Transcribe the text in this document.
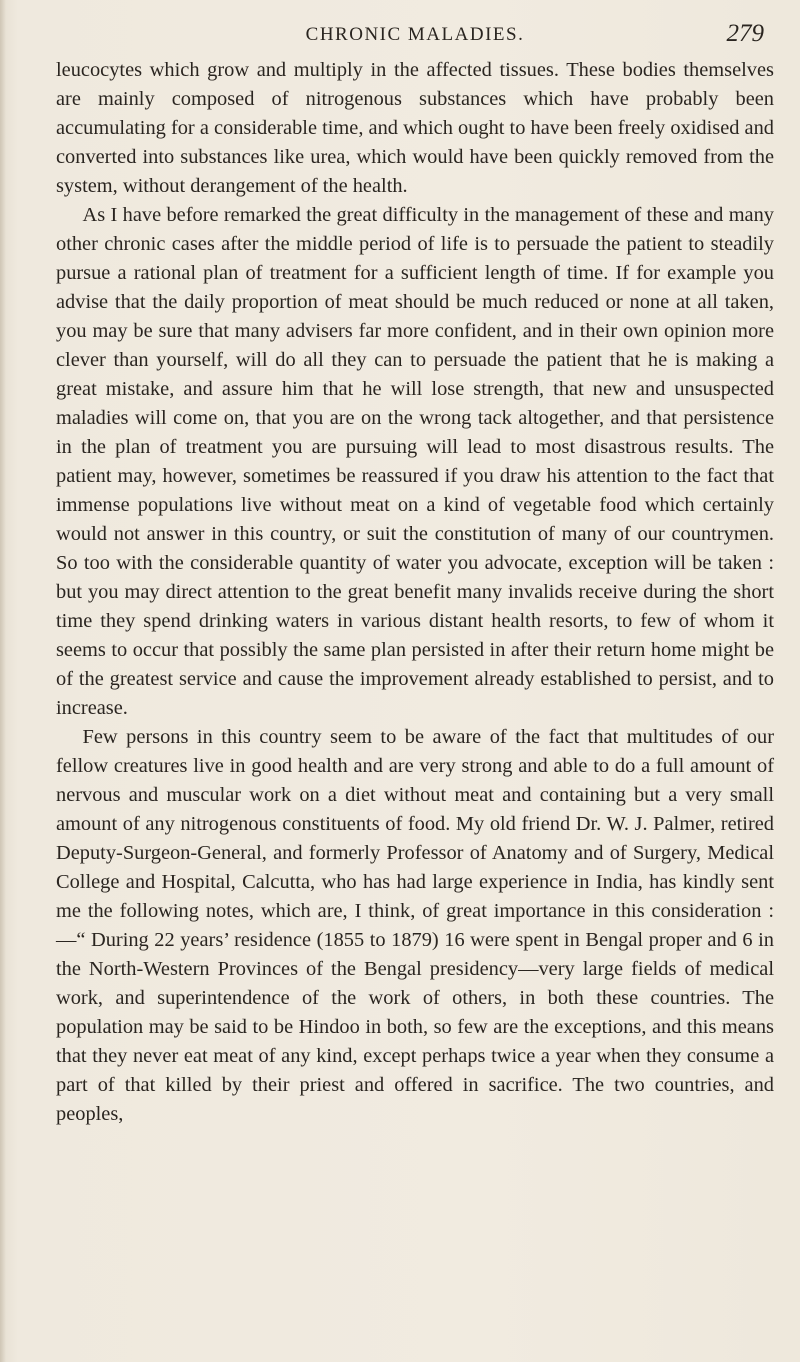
CHRONIC MALADIES.	279

leucocytes which grow and multiply in the affected tissues. These bodies themselves are mainly composed of nitrogenous substances which have probably been accumulating for a considerable time, and which ought to have been freely oxidised and converted into substances like urea, which would have been quickly removed from the system, without derangement of the health.

As I have before remarked the great difficulty in the management of these and many other chronic cases after the middle period of life is to persuade the patient to steadily pursue a rational plan of treatment for a sufficient length of time. If for example you advise that the daily proportion of meat should be much reduced or none at all taken, you may be sure that many advisers far more confident, and in their own opinion more clever than yourself, will do all they can to persuade the patient that he is making a great mistake, and assure him that he will lose strength, that new and unsuspected maladies will come on, that you are on the wrong tack altogether, and that persistence in the plan of treatment you are pursuing will lead to most disastrous results. The patient may, however, sometimes be reassured if you draw his attention to the fact that immense populations live without meat on a kind of vegetable food which certainly would not answer in this country, or suit the constitution of many of our countrymen. So too with the considerable quantity of water you advocate, exception will be taken : but you may direct attention to the great benefit many invalids receive during the short time they spend drinking waters in various distant health resorts, to few of whom it seems to occur that possibly the same plan persisted in after their return home might be of the greatest service and cause the improvement already established to persist, and to increase.

Few persons in this country seem to be aware of the fact that multitudes of our fellow creatures live in good health and are very strong and able to do a full amount of nervous and muscular work on a diet without meat and containing but a very small amount of any nitrogenous constituents of food. My old friend Dr. W. J. Palmer, retired Deputy-Surgeon-General, and formerly Professor of Anatomy and of Surgery, Medical College and Hospital, Calcutta, who has had large experience in India, has kindly sent me the following notes, which are, I think, of great importance in this consideration :—“ During 22 years’ residence (1855 to 1879) 16 were spent in Bengal proper and 6 in the North-Western Provinces of the Bengal presidency—very large fields of medical work, and superintendence of the work of others, in both these countries. The population may be said to be Hindoo in both, so few are the exceptions, and this means that they never eat meat of any kind, except perhaps twice a year when they consume a part of that killed by their priest and offered in sacrifice. The two countries, and peoples,
